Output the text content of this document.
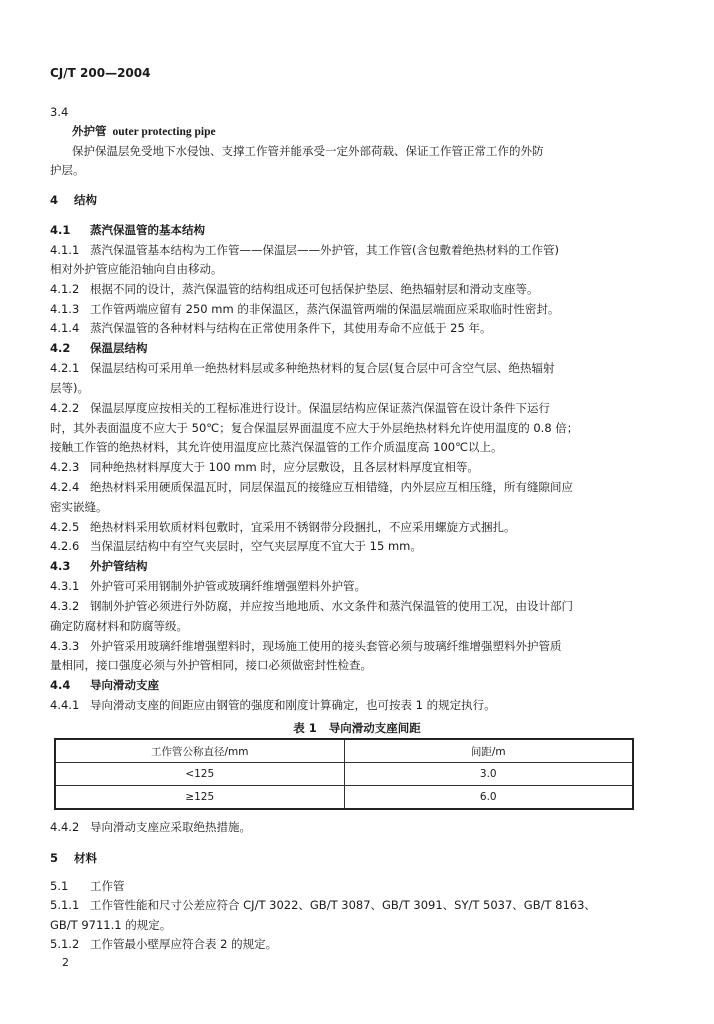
CJ/T 200—2004
3.4
外护管 outer protecting pipe
保护保温层免受地下水侵蚀、支撑工作管并能承受一定外部荷载、保证工作管正常工作的外防
护层。
4 结构
4.1 蒸汽保温管的基本结构
4.1.1 蒸汽保温管基本结构为工作管——保温层——外护管，其工作管(含包敷着绝热材料的工作管)
相对外护管应能沿轴向自由移动。
4.1.2 根据不同的设计，蒸汽保温管的结构组成还可包括保护垫层、绝热辐射层和滑动支座等。
4.1.3 工作管两端应留有 250 mm 的非保温区，蒸汽保温管两端的保温层端面应采取临时性密封。
4.1.4 蒸汽保温管的各种材料与结构在正常使用条件下，其使用寿命不应低于 25 年。
4.2 保温层结构
4.2.1 保温层结构可采用单一绝热材料层或多种绝热材料的复合层(复合层中可含空气层、绝热辐射
层等)。
4.2.2 保温层厚度应按相关的工程标准进行设计。保温层结构应保证蒸汽保温管在设计条件下运行
时，其外表面温度不应大于 50℃；复合保温层界面温度不应大于外层绝热材料允许使用温度的 0.8 倍；
接触工作管的绝热材料，其允许使用温度应比蒸汽保温管的工作介质温度高 100℃以上。
4.2.3 同种绝热材料厚度大于 100 mm 时，应分层敷设，且各层材料厚度宜相等。
4.2.4 绝热材料采用硬质保温瓦时，同层保温瓦的接缝应互相错缝，内外层应互相压缝，所有缝隙间应
密实嵌缝。
4.2.5 绝热材料采用软质材料包敷时，宜采用不锈钢带分段捆扎，不应采用螺旋方式捆扎。
4.2.6 当保温层结构中有空气夹层时，空气夹层厚度不宜大于 15 mm。
4.3 外护管结构
4.3.1 外护管可采用钢制外护管或玻璃纤维增强塑料外护管。
4.3.2 钢制外护管必须进行外防腐，并应按当地地质、水文条件和蒸汽保温管的使用工况，由设计部门
确定防腐材料和防腐等级。
4.3.3 外护管采用玻璃纤维增强塑料时，现场施工使用的接头套管必须与玻璃纤维增强塑料外护管质
量相同，接口强度必须与外护管相同，接口必须做密封性检查。
4.4 导向滑动支座
4.4.1 导向滑动支座的间距应由钢管的强度和刚度计算确定，也可按表 1 的规定执行。
表 1 导向滑动支座间距
工作管公称直径/mm	间距/m
<125	3.0
≥125	6.0
4.4.2 导向滑动支座应采取绝热措施。
5 材料
5.1 工作管
5.1.1 工作管性能和尺寸公差应符合 CJ/T 3022、GB/T 3087、GB/T 3091、SY/T 5037、GB/T 8163、
GB/T 9711.1 的规定。
5.1.2 工作管最小壁厚应符合表 2 的规定。
2
